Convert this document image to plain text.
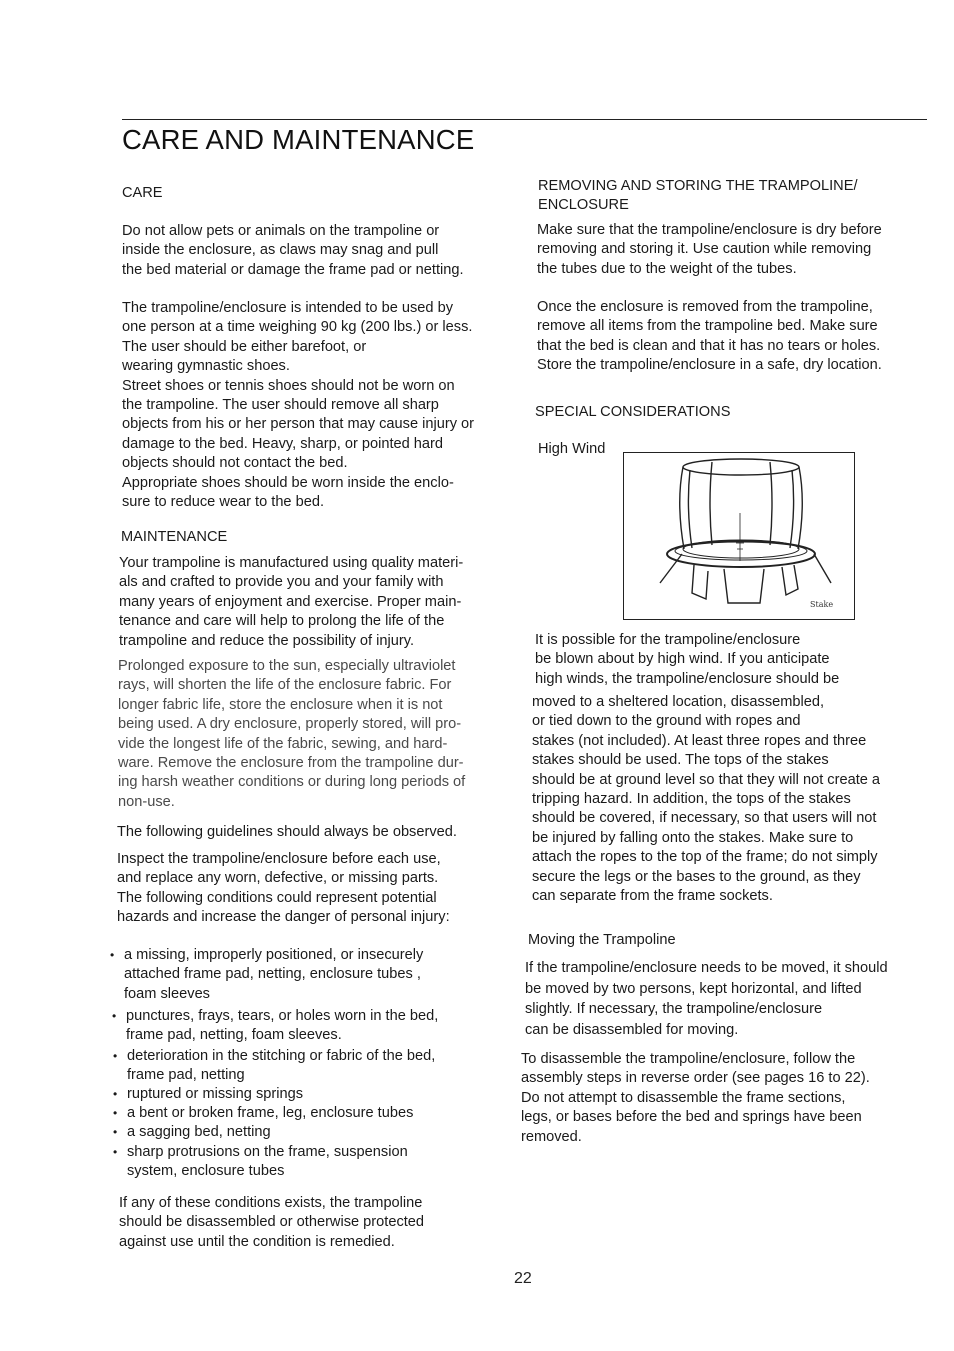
CARE AND MAINTENANCE
CARE
Do not allow pets or animals on the trampoline or
inside the enclosure, as claws may snag and pull
the bed material or damage the frame pad or netting.
The trampoline/enclosure is intended to be used by
one person at a time weighing 90 kg (200 lbs.) or less.
The user should be either barefoot, or
wearing gymnastic shoes.
Street shoes or tennis shoes should not be worn on
the trampoline. The user should remove all sharp
objects from his or her person that may cause injury or
damage to the bed. Heavy, sharp, or pointed hard
objects should not contact the bed.
Appropriate shoes should be worn inside the enclo-
sure to reduce wear to the bed.
MAINTENANCE
Your trampoline is manufactured using quality materi-
als and crafted to provide you and your family with
many years of enjoyment and exercise. Proper main-
tenance and care will help to prolong the life of the
trampoline and reduce the possibility of injury.
Prolonged exposure to the sun, especially ultraviolet
rays, will shorten the life of the enclosure fabric. For
longer fabric life, store the enclosure when it is not
being used. A dry enclosure, properly stored, will pro-
vide the longest life of the fabric, sewing, and hard-
ware. Remove the enclosure from the trampoline dur-
ing harsh weather conditions or during long periods of
non-use.
The following guidelines should always be observed.
Inspect the trampoline/enclosure before each use,
and replace any worn, defective, or missing parts.
The following conditions could represent potential
hazards and increase the danger of personal injury:
• a missing, improperly positioned, or insecurely
attached frame pad, netting, enclosure tubes ,
foam sleeves
• punctures, frays, tears, or holes worn in the bed,
frame pad, netting, foam sleeves.
• deterioration in the stitching or fabric of the bed,
frame pad, netting
• ruptured or missing springs
• a bent or broken frame, leg, enclosure tubes
• a sagging bed, netting
• sharp protrusions on the frame, suspension
system, enclosure tubes
If any of these conditions exists, the trampoline
should be disassembled or otherwise protected
against use until the condition is remedied.
REMOVING AND STORING THE TRAMPOLINE/
ENCLOSURE
Make sure that the trampoline/enclosure is dry before
removing and storing it. Use caution while removing
the tubes due to the weight of the tubes.
Once the enclosure is removed from the trampoline,
remove all items from the trampoline bed. Make sure
that the bed is clean and that it has no tears or holes.
Store the trampoline/enclosure in a safe, dry location.
SPECIAL CONSIDERATIONS
High Wind
Stake
It is possible for the trampoline/enclosure
be blown about by high wind. If you anticipate
high winds, the trampoline/enclosure should be
moved to a sheltered location, disassembled,
or tied down to the ground with ropes and
stakes (not included). At least three ropes and three
stakes should be used. The tops of the stakes
should be at ground level so that they will not create a
tripping hazard. In addition, the tops of the stakes
should be covered, if necessary, so that users will not
be injured by falling onto the stakes. Make sure to
attach the ropes to the top of the frame; do not simply
secure the legs or the bases to the ground, as they
can separate from the frame sockets.
Moving the Trampoline
If the trampoline/enclosure needs to be moved, it should
be moved by two persons, kept horizontal, and lifted
slightly. If necessary, the trampoline/enclosure
can be disassembled for moving.
To disassemble the trampoline/enclosure, follow the
assembly steps in reverse order (see pages 16 to 22).
Do not attempt to disassemble the frame sections,
legs, or bases before the bed and springs have been
removed.
22
